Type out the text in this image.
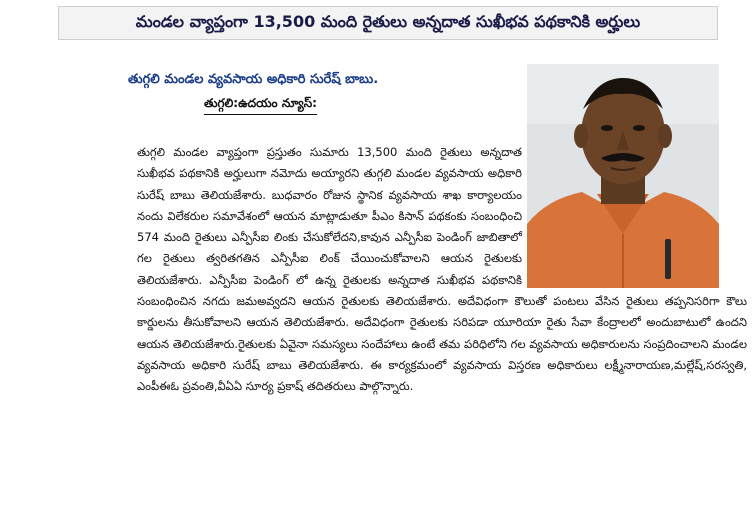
మండల వ్యాప్తంగా 13,500 మంది రైతులు అన్నదాత సుఖీభవ పథకానికి అర్హులు

తుగ్గలి మండల వ్యవసాయ అధికారి సురేష్ బాబు.

తుగ్గలి:ఉదయం న్యూస్:

తుగ్గలి మండల వ్యాప్తంగా ప్రస్తుతం సుమారు 13,500 మంది రైతులు అన్నదాత సుఖీభవ పథకానికి అర్హులుగా నమోదు అయ్యారని తుగ్గలి మండల వ్యవసాయ అధికారి సురేష్ బాబు తెలియజేశారు. బుధవారం రోజున స్థానిక వ్యవసాయ శాఖ కార్యాలయం నందు విలేకరుల సమావేశంలో ఆయన మాట్లాడుతూ పీఎం కిసాన్ పథకంకు సంబంధించి 574 మంది రైతులు ఎన్పీసీఐ లింకు చేసుకోలేదని,కావున ఎన్పీసీఐ పెండింగ్ జాబితాలో గల రైతులు త్వరితగతిన ఎన్పీసీఐ లింక్ చేయించుకోవాలని ఆయన రైతులకు తెలియజేశారు. ఎన్పీసీఐ పెండింగ్ లో ఉన్న రైతులకు అన్నదాత సుఖీభవ పథకానికి సంబంధించిన నగదు జమఅవ్వదని ఆయన రైతులకు తెలియజేశారు. అదేవిధంగా కౌలుతో పంటలు వేసిన రైతులు తప్పనిసరిగా కౌలు కార్డులను తీసుకోవాలని ఆయన తెలియజేశారు. అదేవిధంగా రైతులకు సరిపడా యూరియా రైతు సేవా కేంద్రాలలో అందుబాటులో ఉందని ఆయన తెలియజేశారు.రైతులకు ఏవైనా సమస్యలు సందేహాలు ఉంటే తమ పరిధిలోని గల వ్యవసాయ అధికారులను సంప్రదించాలని మండల వ్యవసాయ అధికారి సురేష్ బాబు తెలియజేశారు. ఈ కార్యక్రమంలో వ్యవసాయ విస్తరణ అధికారులు లక్ష్మీనారాయణ,మల్లేష్,సరస్వతి, ఎంపీఈఓ ప్రవంతి,వీఏఏ సూర్య ప్రకాష్ తదితరులు పాల్గొన్నారు.
